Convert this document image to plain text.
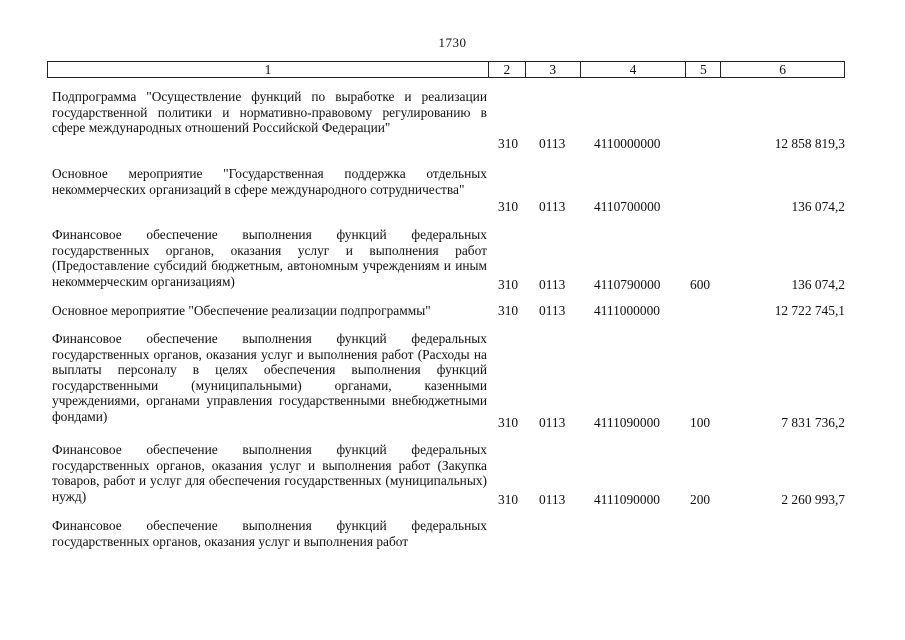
1730
1	2	3	4	5	6
Подпрограмма "Осуществление функций по выработке и реализации государственной политики и нормативно-правовому регулированию в сфере международных отношений Российской Федерации"
310 0113 4110000000	12 858 819,3
Основное мероприятие "Государственная поддержка отдельных некоммерческих организаций в сфере международного сотрудничества"
310 0113 4110700000	136 074,2
Финансовое обеспечение выполнения функций федеральных государственных органов, оказания услуг и выполнения работ (Предоставление субсидий бюджетным, автономным учреждениям и иным некоммерческим организациям)	310 0113 4110790000 600	136 074,2
Основное мероприятие "Обеспечение реализации подпрограммы"	310 0113 4111000000	12 722 745,1
Финансовое обеспечение выполнения функций федеральных государственных органов, оказания услуг и выполнения работ (Расходы на выплаты персоналу в целях обеспечения выполнения функций государственными (муниципальными) органами, казенными учреждениями, органами управления государственными внебюджетными фондами)	310 0113 4111090000 100	7 831 736,2
Финансовое обеспечение выполнения функций федеральных государственных органов, оказания услуг и выполнения работ (Закупка товаров, работ и услуг для обеспечения государственных (муниципальных) нужд)	310 0113 4111090000 200	2 260 993,7
Финансовое обеспечение выполнения функций федеральных государственных органов, оказания услуг и выполнения работ
